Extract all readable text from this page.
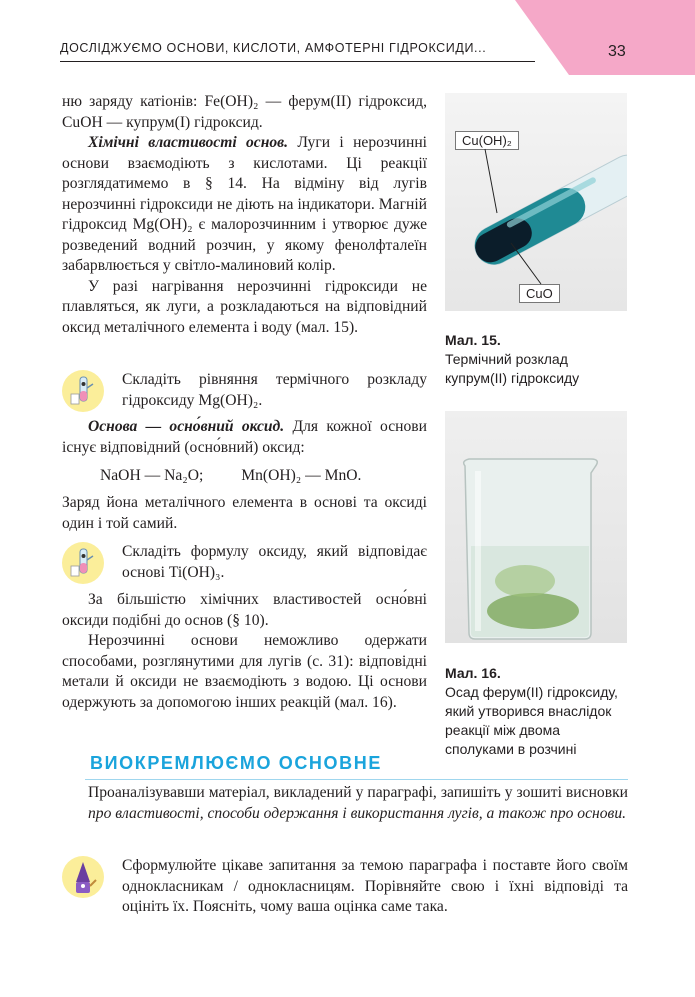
ДОСЛІДЖУЄМО ОСНОВИ, КИСЛОТИ, АМФОТЕРНІ ГІДРОКСИДИ...	33

ню заряду катіонів: Fe(OH)₂ — ферум(II) гідроксид, CuOH — купрум(I) гідроксид.

Хімічні властивості основ. Луги і нерозчинні основи взаємодіють з кислотами. Ці реакції розглядатимемо в § 14. На відміну від лугів нерозчинні гідроксиди не діють на індикатори. Магній гідроксид Mg(OH)₂ є малорозчинним і утворює дуже розведений водний розчин, у якому фенолфталеїн забарвлюється у світло-малиновий колір.

У разі нагрівання нерозчинні гідроксиди не плавляться, як луги, а розкладаються на відповідний оксид металічного елемента і воду (мал. 15).

Складіть рівняння термічного розкладу гідроксиду Mg(OH)₂.

Основа — осно́вний оксид. Для кожної основи існує відповідний (осно́вний) оксид:

NaOH — Na₂O; Mn(OH)₂ — MnO.

Заряд йона металічного елемента в основі та оксиді один і той самий.

Складіть формулу оксиду, який відповідає основі Ti(OH)₃.

За більшістю хімічних властивостей осно́вні оксиди подібні до основ (§ 10).

Нерозчинні основи неможливо одержати способами, розглянутими для лугів (с. 31): відповідні метали й оксиди не взаємодіють з водою. Ці основи одержують за допомогою інших реакцій (мал. 16).

Cu(OH)₂
CuO
Мал. 15.
Термічний розклад купрум(II) гідроксиду
Мал. 16.
Осад ферум(II) гідроксиду, який утворився внаслідок реакції між двома сполуками в розчині
ВИОКРЕМЛЮЄМО ОСНОВНЕ
Проаналізувавши матеріал, викладений у параграфі, запишіть у зошиті висновки про властивості, способи одержання і використання лугів, а також про основи.
Сформулюйте цікаве запитання за темою параграфа і поставте його своїм однокласникам / однокласницям. Порівняйте свою і їхні відповіді та оцініть їх. Поясніть, чому ваша оцінка саме така.
